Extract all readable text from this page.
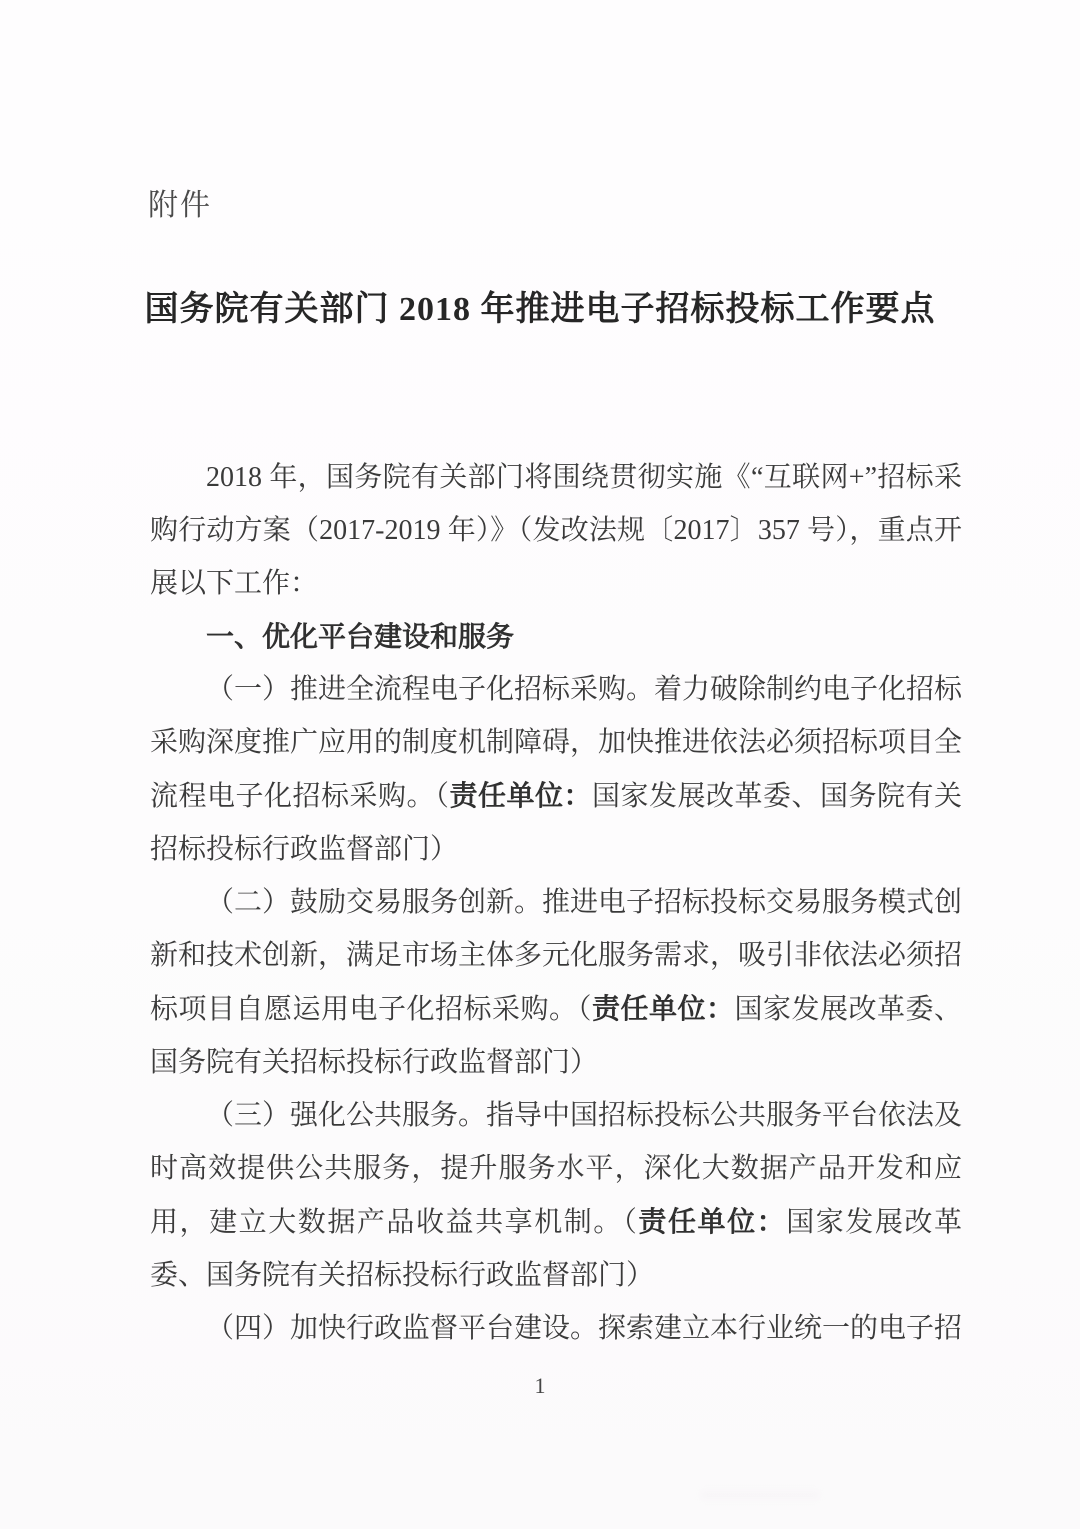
附件
国务院有关部门 2018 年推进电子招标投标工作要点

2018 年，国务院有关部门将围绕贯彻实施《“互联网+”招标采购行动方案（2017-2019 年）》（发改法规〔2017〕357 号），重点开展以下工作：

一、优化平台建设和服务

（一）推进全流程电子化招标采购。着力破除制约电子化招标采购深度推广应用的制度机制障碍，加快推进依法必须招标项目全流程电子化招标采购。（责任单位：国家发展改革委、国务院有关招标投标行政监督部门）

（二）鼓励交易服务创新。推进电子招标投标交易服务模式创新和技术创新，满足市场主体多元化服务需求，吸引非依法必须招标项目自愿运用电子化招标采购。（责任单位：国家发展改革委、国务院有关招标投标行政监督部门）

（三）强化公共服务。指导中国招标投标公共服务平台依法及时高效提供公共服务，提升服务水平，深化大数据产品开发和应用，建立大数据产品收益共享机制。（责任单位：国家发展改革委、国务院有关招标投标行政监督部门）

（四）加快行政监督平台建设。探索建立本行业统一的电子招

1
